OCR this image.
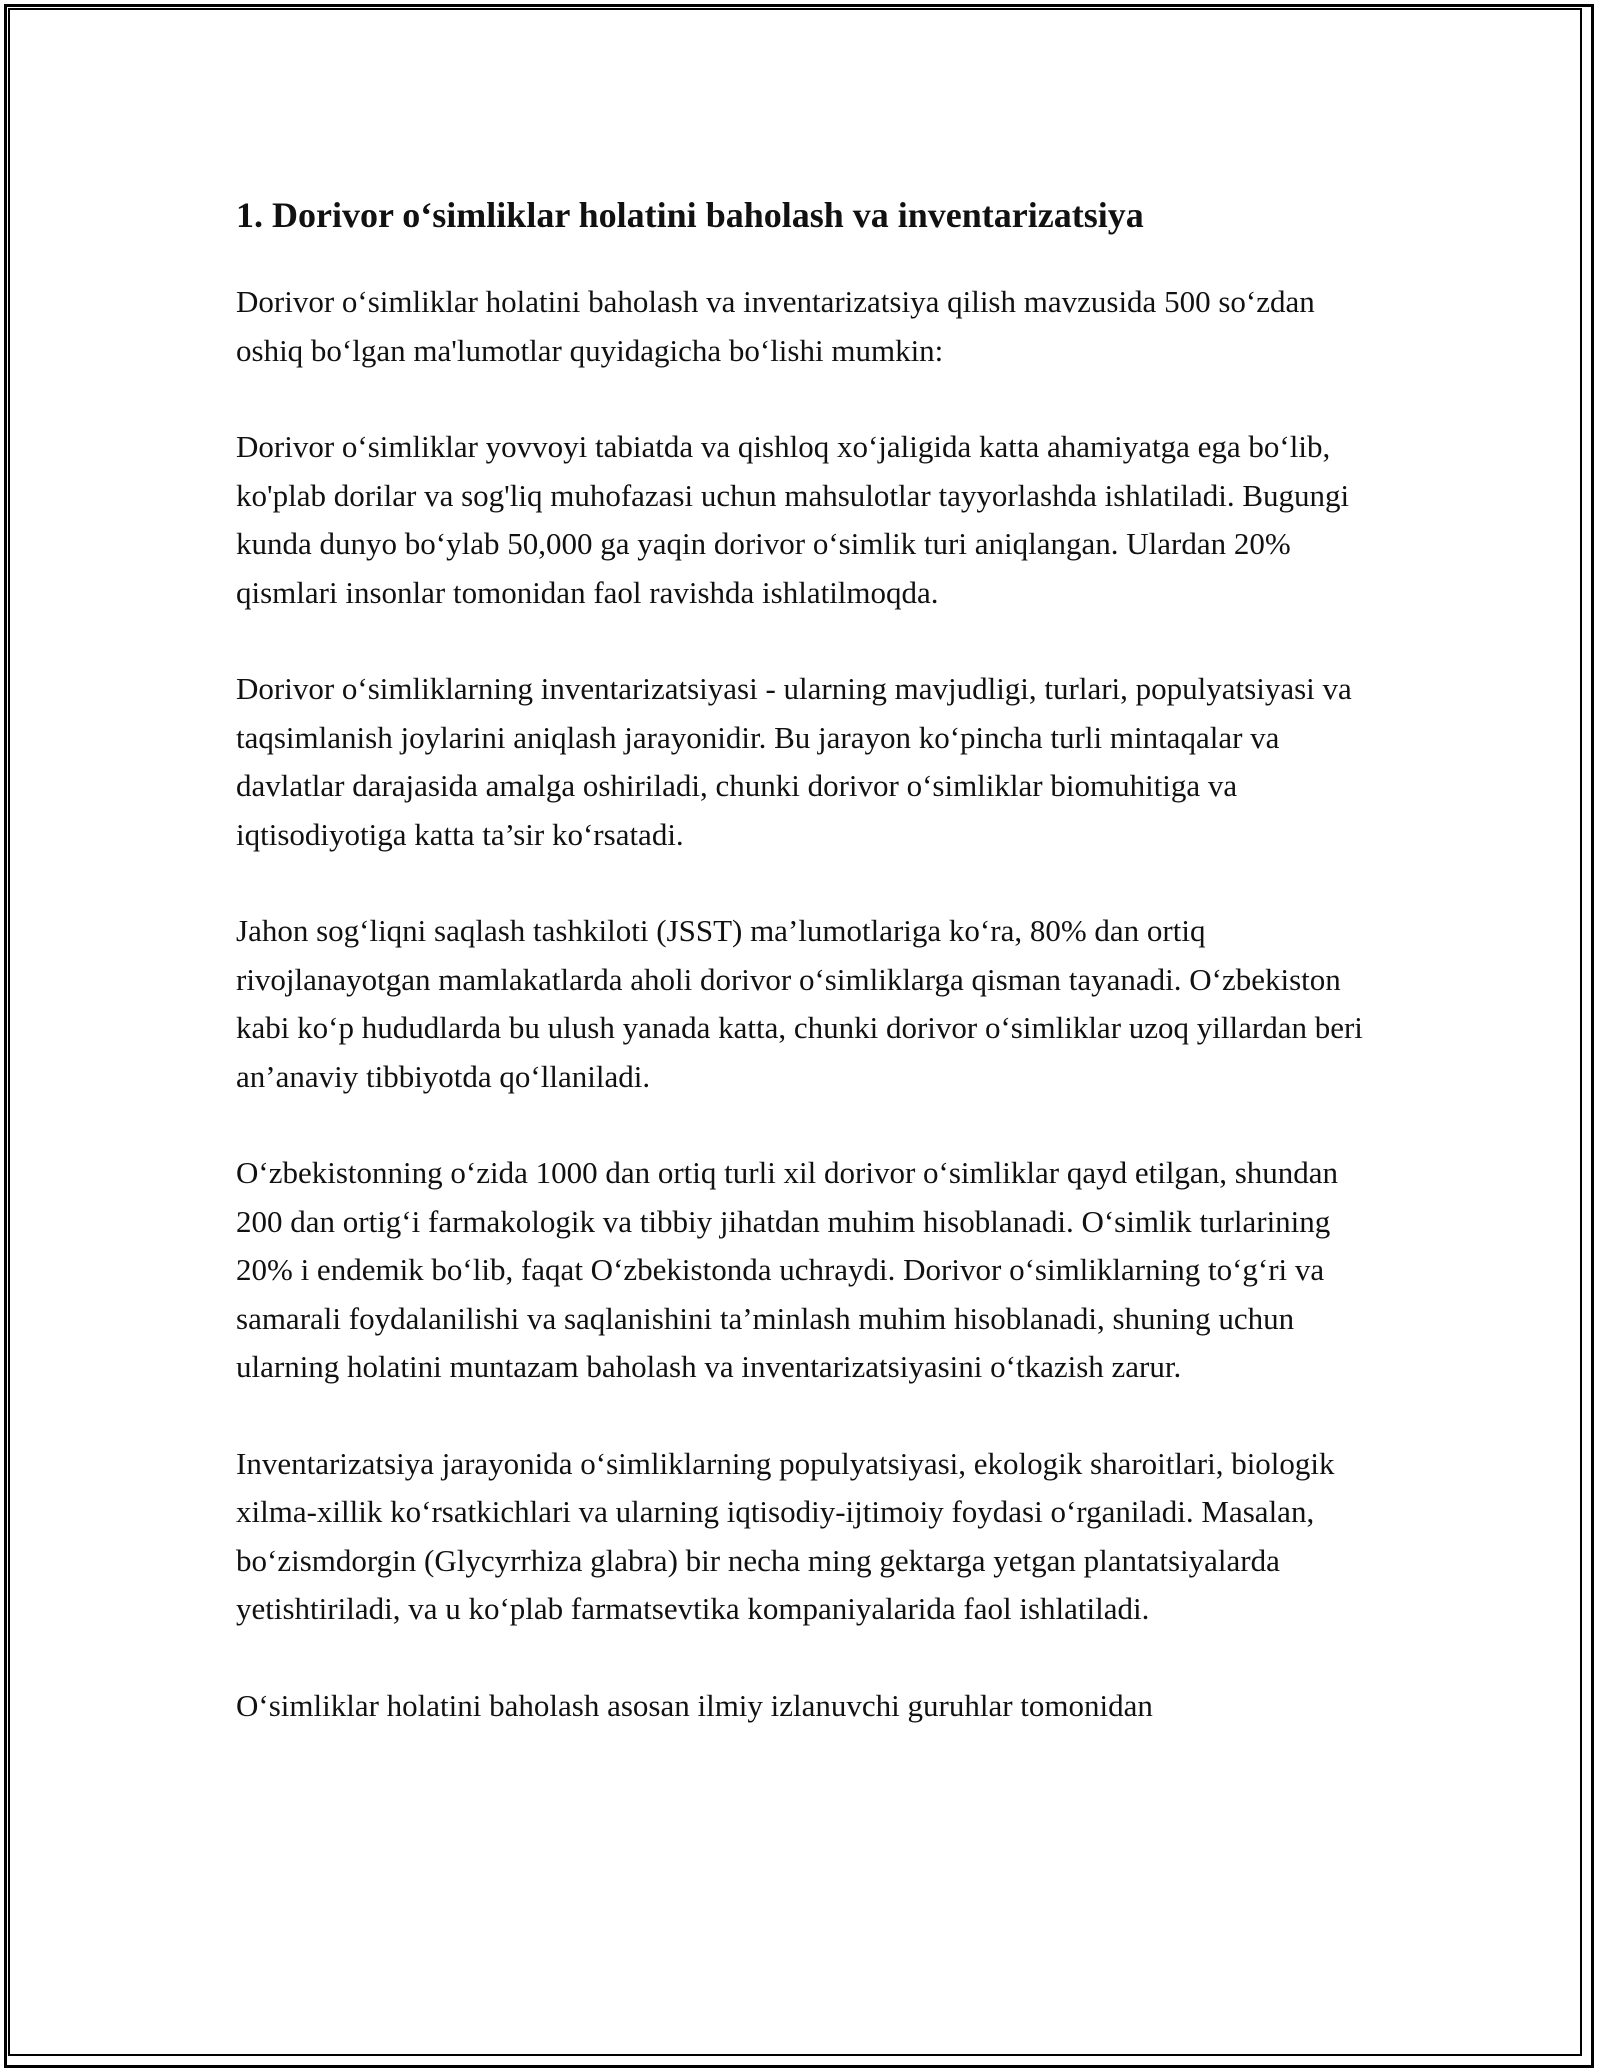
1. Dorivor o‘simliklar holatini baholash va inventarizatsiya

Dorivor o‘simliklar holatini baholash va inventarizatsiya qilish mavzusida 500 so‘zdan oshiq bo‘lgan ma'lumotlar quyidagicha bo‘lishi mumkin:

Dorivor o‘simliklar yovvoyi tabiatda va qishloq xo‘jaligida katta ahamiyatga ega bo‘lib, ko'plab dorilar va sog'liq muhofazasi uchun mahsulotlar tayyorlashda ishlatiladi. Bugungi kunda dunyo bo‘ylab 50,000 ga yaqin dorivor o‘simlik turi aniqlangan. Ulardan 20% qismlari insonlar tomonidan faol ravishda ishlatilmoqda.

Dorivor o‘simliklarning inventarizatsiyasi - ularning mavjudligi, turlari, populyatsiyasi va taqsimlanish joylarini aniqlash jarayonidir. Bu jarayon ko‘pincha turli mintaqalar va davlatlar darajasida amalga oshiriladi, chunki dorivor o‘simliklar biomuhitiga va iqtisodiyotiga katta ta’sir ko‘rsatadi.

Jahon sog‘liqni saqlash tashkiloti (JSST) ma’lumotlariga ko‘ra, 80% dan ortiq rivojlanayotgan mamlakatlarda aholi dorivor o‘simliklarga qisman tayanadi. O‘zbekiston kabi ko‘p hududlarda bu ulush yanada katta, chunki dorivor o‘simliklar uzoq yillardan beri an’anaviy tibbiyotda qo‘llaniladi.

O‘zbekistonning o‘zida 1000 dan ortiq turli xil dorivor o‘simliklar qayd etilgan, shundan 200 dan ortig‘i farmakologik va tibbiy jihatdan muhim hisoblanadi. O‘simlik turlarining 20% i endemik bo‘lib, faqat O‘zbekistonda uchraydi. Dorivor o‘simliklarning to‘g‘ri va samarali foydalanilishi va saqlanishini ta’minlash muhim hisoblanadi, shuning uchun ularning holatini muntazam baholash va inventarizatsiyasini o‘tkazish zarur.

Inventarizatsiya jarayonida o‘simliklarning populyatsiyasi, ekologik sharoitlari, biologik xilma-xillik ko‘rsatkichlari va ularning iqtisodiy-ijtimoiy foydasi o‘rganiladi. Masalan, bo‘zismdorgin (Glycyrrhiza glabra) bir necha ming gektarga yetgan plantatsiyalarda yetishtiriladi, va u ko‘plab farmatsevtika kompaniyalarida faol ishlatiladi.

O‘simliklar holatini baholash asosan ilmiy izlanuvchi guruhlar tomonidan
